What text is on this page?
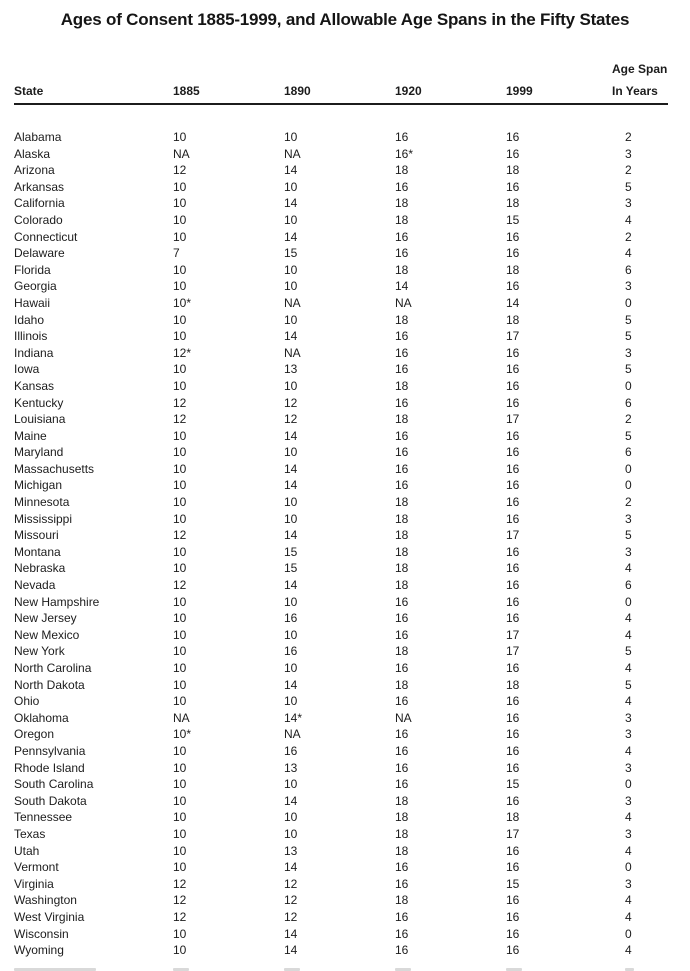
Ages of Consent 1885-1999, and Allowable Age Spans in the Fifty States
State	1885	1890	1920	1999
Age Span
In Years
Alabama	10	10	16	16	2
Alaska	NA	NA	16*	16	3
Arizona	12	14	18	18	2
Arkansas	10	10	16	16	5
California	10	14	18	18	3
Colorado	10	10	18	15	4
Connecticut	10	14	16	16	2
Delaware	7	15	16	16	4
Florida	10	10	18	18	6
Georgia	10	10	14	16	3
Hawaii	10*	NA	NA	14	0
Idaho	10	10	18	18	5
Illinois	10	14	16	17	5
Indiana	12*	NA	16	16	3
Iowa	10	13	16	16	5
Kansas	10	10	18	16	0
Kentucky	12	12	16	16	6
Louisiana	12	12	18	17	2
Maine	10	14	16	16	5
Maryland	10	10	16	16	6
Massachusetts	10	14	16	16	0
Michigan	10	14	16	16	0
Minnesota	10	10	18	16	2
Mississippi	10	10	18	16	3
Missouri	12	14	18	17	5
Montana	10	15	18	16	3
Nebraska	10	15	18	16	4
Nevada	12	14	18	16	6
New Hampshire	10	10	16	16	0
New Jersey	10	16	16	16	4
New Mexico	10	10	16	17	4
New York	10	16	18	17	5
North Carolina	10	10	16	16	4
North Dakota	10	14	18	18	5
Ohio	10	10	16	16	4
Oklahoma	NA	14*	NA	16	3
Oregon	10*	NA	16	16	3
Pennsylvania	10	16	16	16	4
Rhode Island	10	13	16	16	3
South Carolina	10	10	16	15	0
South Dakota	10	14	18	16	3
Tennessee	10	10	18	18	4
Texas	10	10	18	17	3
Utah	10	13	18	16	4
Vermont	10	14	16	16	0
Virginia	12	12	16	15	3
Washington	12	12	18	16	4
West Virginia	12	12	16	16	4
Wisconsin	10	14	16	16	0
Wyoming	10	14	16	16	4
